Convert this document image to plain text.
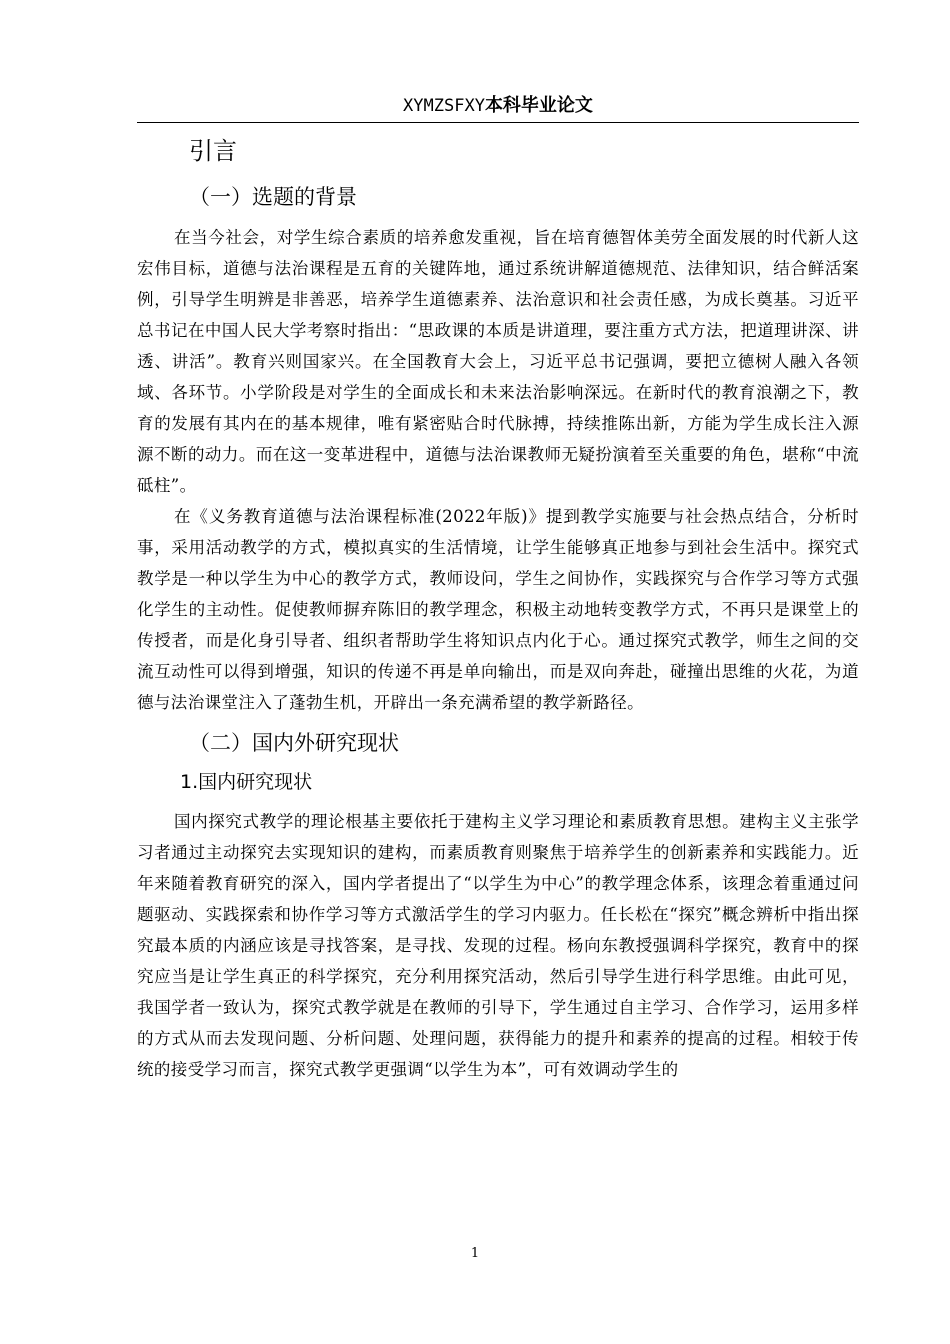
XYMZSFXY本科毕业论文
引言
（一）选题的背景

在当今社会，对学生综合素质的培养愈发重视，旨在培育德智体美劳全面发展的时代新人这宏伟目标，道德与法治课程是五育的关键阵地，通过系统讲解道德规范、法律知识，结合鲜活案例，引导学生明辨是非善恶，培养学生道德素养、法治意识和社会责任感，为成长奠基。习近平总书记在中国人民大学考察时指出：“思政课的本质是讲道理，要注重方式方法，把道理讲深、讲透、讲活”。教育兴则国家兴。在全国教育大会上，习近平总书记强调，要把立德树人融入各领域、各环节。小学阶段是对学生的全面成长和未来法治影响深远。在新时代的教育浪潮之下，教育的发展有其内在的基本规律，唯有紧密贴合时代脉搏，持续推陈出新，方能为学生成长注入源源不断的动力。而在这一变革进程中，道德与法治课教师无疑扮演着至关重要的角色，堪称“中流砥柱”。

在《义务教育道德与法治课程标准(2022年版)》提到教学实施要与社会热点结合，分析时事，采用活动教学的方式，模拟真实的生活情境，让学生能够真正地参与到社会生活中。探究式教学是一种以学生为中心的教学方式，教师设问，学生之间协作，实践探究与合作学习等方式强化学生的主动性。促使教师摒弃陈旧的教学理念，积极主动地转变教学方式，不再只是课堂上的传授者，而是化身引导者、组织者帮助学生将知识点内化于心。通过探究式教学，师生之间的交流互动性可以得到增强，知识的传递不再是单向输出，而是双向奔赴，碰撞出思维的火花，为道德与法治课堂注入了蓬勃生机，开辟出一条充满希望的教学新路径。

（二）国内外研究现状
1.国内研究现状

国内探究式教学的理论根基主要依托于建构主义学习理论和素质教育思想。建构主义主张学习者通过主动探究去实现知识的建构，而素质教育则聚焦于培养学生的创新素养和实践能力。近年来随着教育研究的深入，国内学者提出了“以学生为中心”的教学理念体系，该理念着重通过问题驱动、实践探索和协作学习等方式激活学生的学习内驱力。任长松在“探究”概念辨析中指出探究最本质的内涵应该是寻找答案，是寻找、发现的过程。杨向东教授强调科学探究，教育中的探究应当是让学生真正的科学探究，充分利用探究活动，然后引导学生进行科学思维。由此可见，我国学者一致认为，探究式教学就是在教师的引导下，学生通过自主学习、合作学习，运用多样的方式从而去发现问题、分析问题、处理问题，获得能力的提升和素养的提高的过程。相较于传统的接受学习而言，探究式教学更强调“以学生为本”，可有效调动学生的

1
